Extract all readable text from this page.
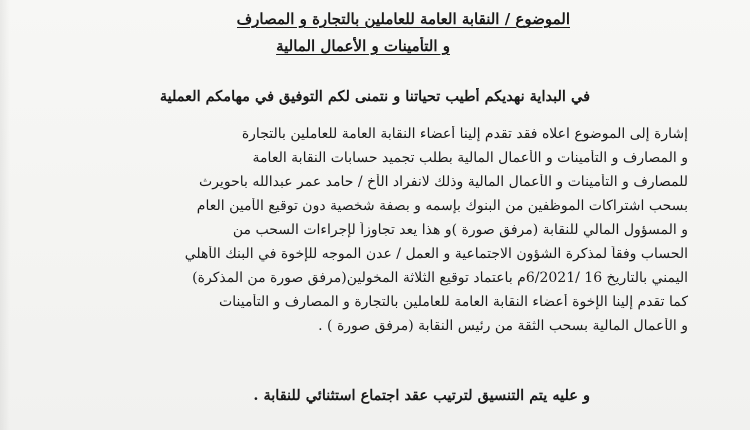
الموضوع / النقابة العامة للعاملين بالتجارة و المصارف
و التأمينات و الأعمال المالية
في البداية نهديكم أطيب تحياتنا و نتمنى لكم التوفيق في مهامكم العملية
إشارة إلى الموضوع اعلاه فقد تقدم إلينا أعضاء النقابة العامة للعاملين بالتجارة
و المصارف و التأمينات و الأعمال المالية بطلب تجميد حسابات النقابة العامة
للمصارف و التأمينات و الأعمال المالية وذلك لانفراد الأخ / حامد عمر عبدالله باحويرث
بسحب اشتراكات الموظفين من البنوك بإسمه و بصفة شخصية دون توقيع الأمين العام
و المسؤول المالي للنقابة (مرفق صورة )و هذا يعد تجاوزاً لإجراءات السحب من
الحساب وفقاً لمذكرة الشؤون الاجتماعية و العمل / عدن الموجه للإخوة في البنك الأهلي
اليمني بالتاريخ 16 /6/2021م باعتماد توقيع الثلاثة المخولين(مرفق صورة من المذكرة)
كما تقدم إلينا الإخوة أعضاء النقابة العامة للعاملين بالتجارة و المصارف و التأمينات
و الأعمال المالية بسحب الثقة من رئيس النقابة (مرفق صورة ) .
و عليه يتم التنسيق لترتيب عقد اجتماع استثنائي للنقابة .
